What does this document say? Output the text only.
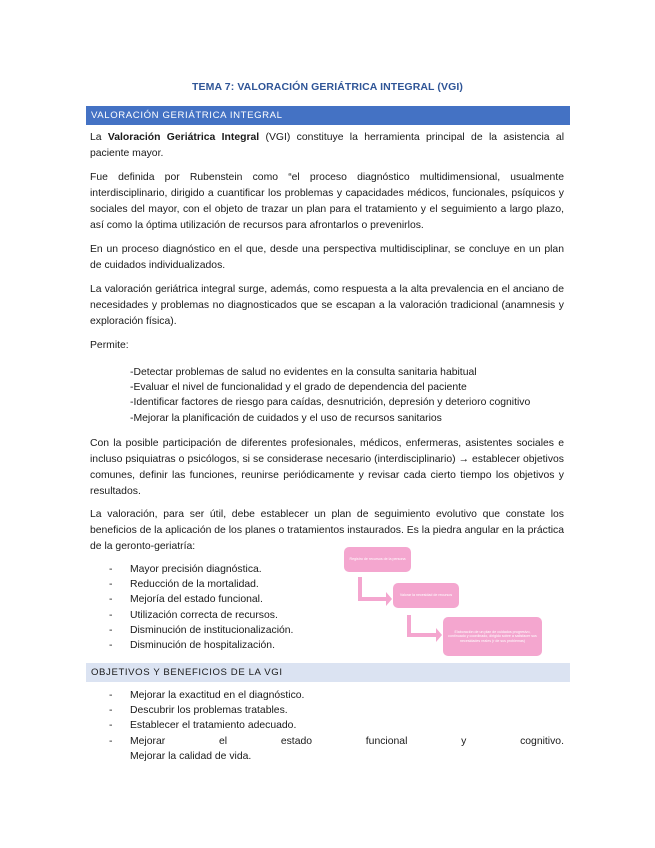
TEMA 7: VALORACIÓN GERIÁTRICA INTEGRAL (VGI)
VALORACIÓN GERIÁTRICA INTEGRAL

La Valoración Geriátrica Integral (VGI) constituye la herramienta principal de la asistencia al paciente mayor.

Fue definida por Rubenstein como “el proceso diagnóstico multidimensional, usualmente interdisciplinario, dirigido a cuantificar los problemas y capacidades médicos, funcionales, psíquicos y sociales del mayor, con el objeto de trazar un plan para el tratamiento y el seguimiento a largo plazo, así como la óptima utilización de recursos para afrontarlos o prevenirlos.

En un proceso diagnóstico en el que, desde una perspectiva multidisciplinar, se concluye en un plan de cuidados individualizados.

La valoración geriátrica integral surge, además, como respuesta a la alta prevalencia en el anciano de necesidades y problemas no diagnosticados que se escapan a la valoración tradicional (anamnesis y exploración física).

Permite:

-Detectar problemas de salud no evidentes en la consulta sanitaria habitual
-Evaluar el nivel de funcionalidad y el grado de dependencia del paciente
-Identificar factores de riesgo para caídas, desnutrición, depresión y deterioro cognitivo
-Mejorar la planificación de cuidados y el uso de recursos sanitarios

Con la posible participación de diferentes profesionales, médicos, enfermeras, asistentes sociales e incluso psiquiatras o psicólogos, si se considerase necesario (interdisciplinario) → establecer objetivos comunes, definir las funciones, reunirse periódicamente y revisar cada cierto tiempo los objetivos y resultados.

La valoración, para ser útil, debe establecer un plan de seguimiento evolutivo que constate los beneficios de la aplicación de los planes o tratamientos instaurados. Es la piedra angular en la práctica de la geronto-geriatría:

-	Mayor precisión diagnóstica.
-	Reducción de la mortalidad.
-	Mejoría del estado funcional.
-	Utilización correcta de recursos.
-	Disminución de institucionalización.
-	Disminución de hospitalización.
Registro de recursos de la persona
Valorar la necesidad de recursos
Elaboración de un plan de cuidados progresivo, continuado y coordinado, dirigido sobre a satisfacer sus necesidades reales (r de sus problemas)
OBJETIVOS Y BENEFICIOS DE LA VGI
-	Mejorar la exactitud en el diagnóstico.
-	Descubrir los problemas tratables.
-	Establecer el tratamiento adecuado.
-	Mejorar	el	estado	funcional	y	cognitivo.
Mejorar la calidad de vida.
